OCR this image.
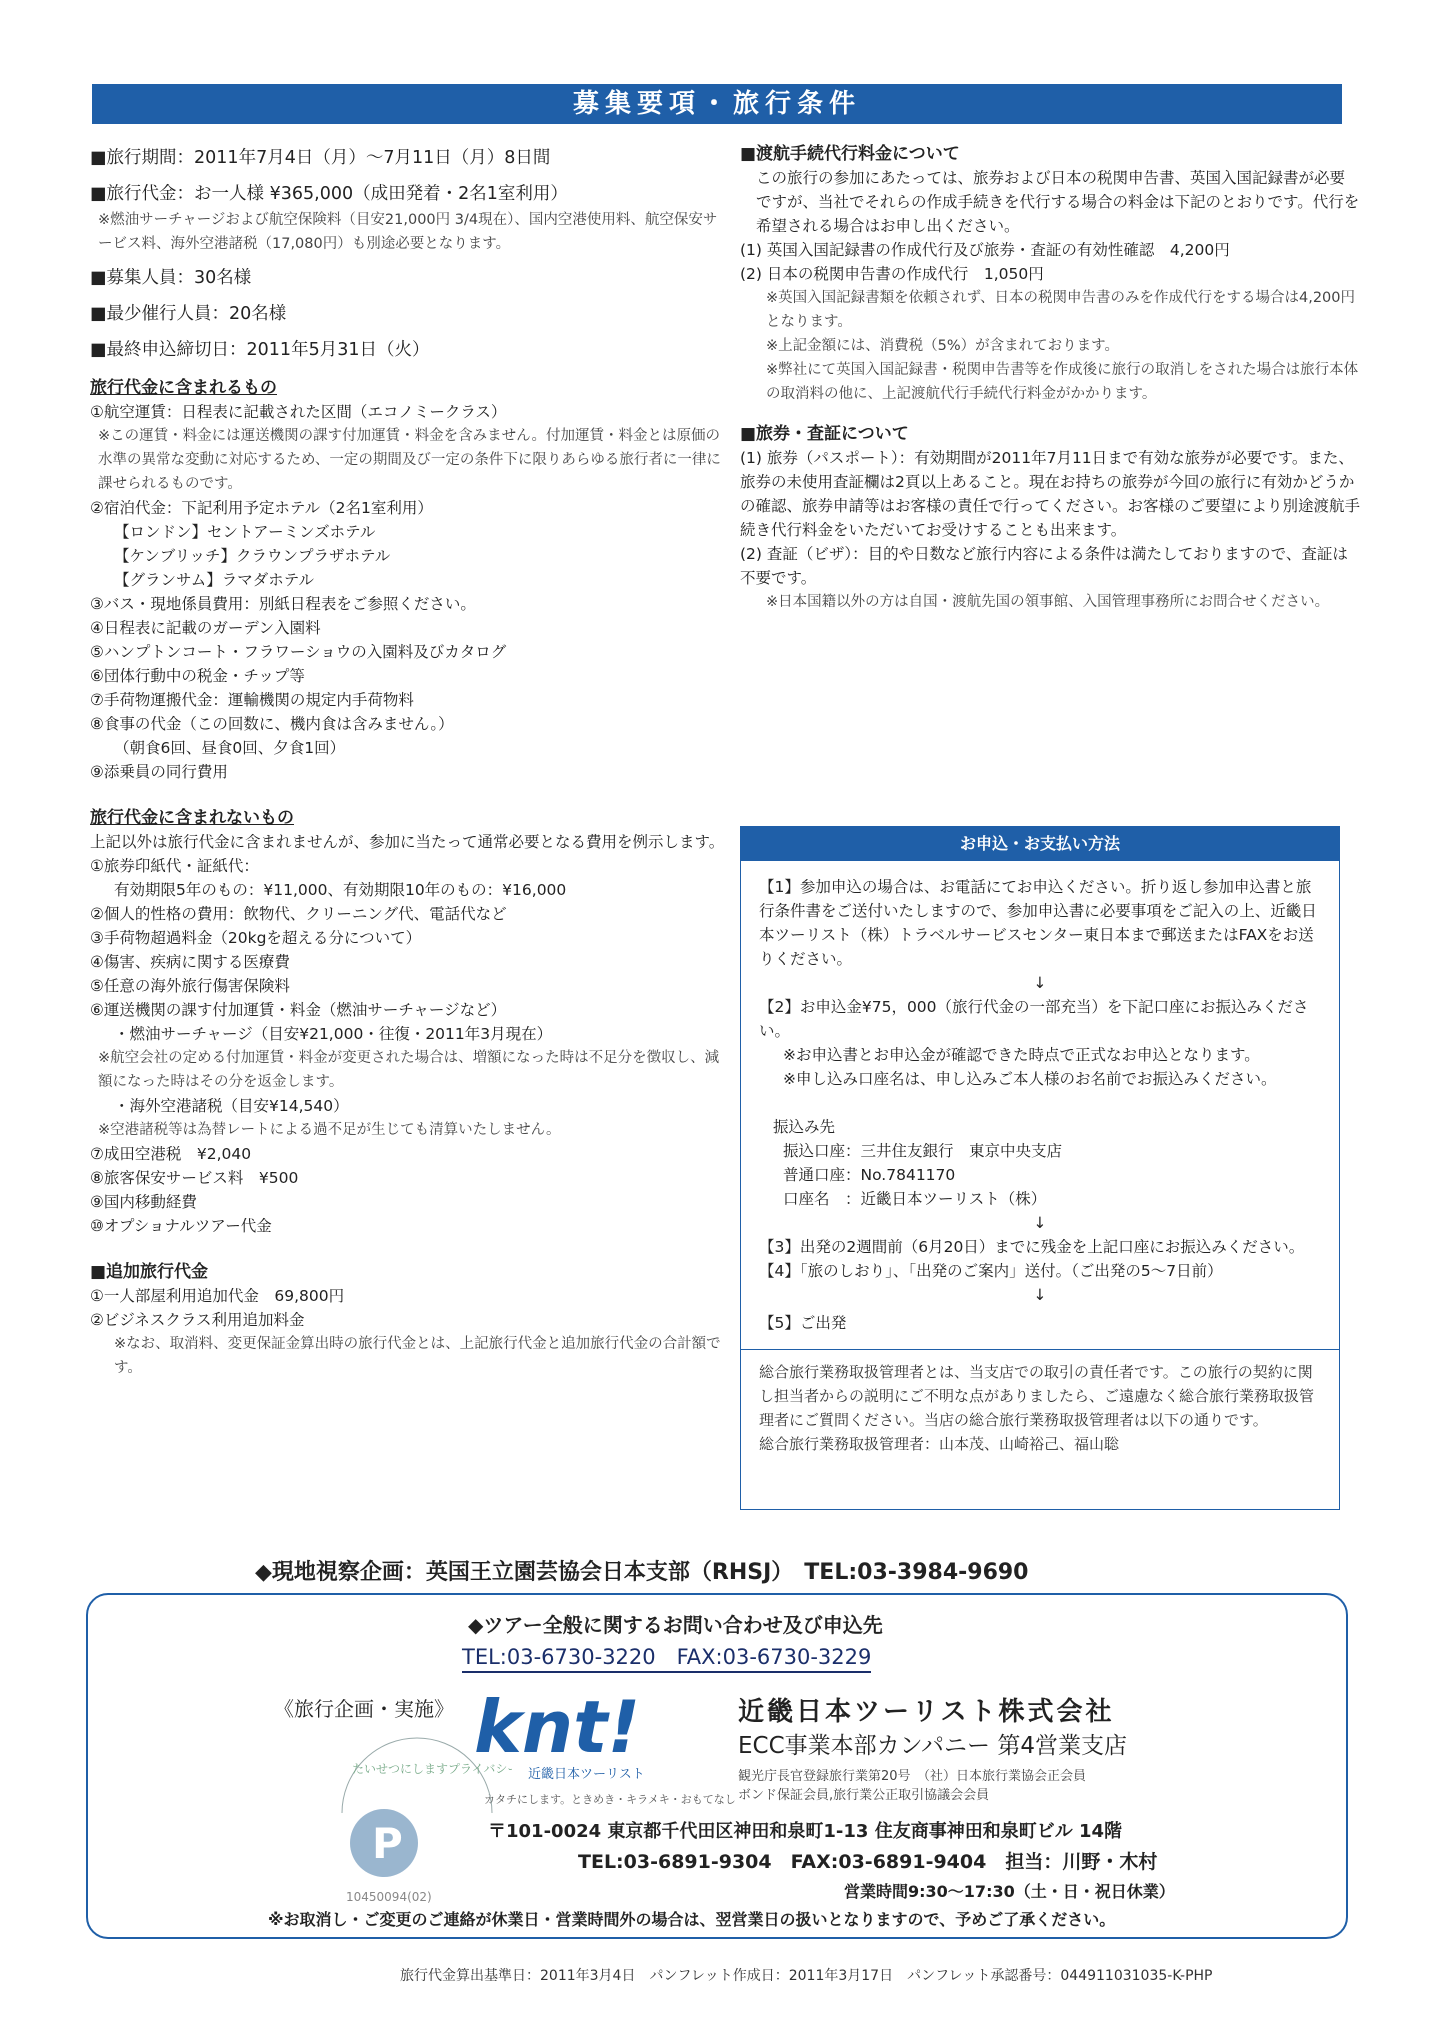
募集要項・旅行条件
■旅行期間：2011年7月4日（月）～7月11日（月）8日間
■旅行代金：お一人様 ¥365,000（成田発着・2名1室利用）
※燃油サーチャージおよび航空保険料（目安21,000円 3/4現在）、国内空港使用料、航空保安サービス料、海外空港諸税（17,080円）も別途必要となります。
■募集人員：30名様
■最少催行人員：20名様
■最終申込締切日：2011年5月31日（火）
旅行代金に含まれるもの
①航空運賃：日程表に記載された区間（エコノミークラス）
※この運賃・料金には運送機関の課す付加運賃・料金を含みません。付加運賃・料金とは原価の水準の異常な変動に対応するため、一定の期間及び一定の条件下に限りあらゆる旅行者に一律に課せられるものです。
②宿泊代金：下記利用予定ホテル（2名1室利用）
【ロンドン】セントアーミンズホテル
【ケンブリッチ】クラウンプラザホテル
【グランサム】ラマダホテル
③バス・現地係員費用：別紙日程表をご参照ください。
④日程表に記載のガーデン入園料
⑤ハンプトンコート・フラワーショウの入園料及びカタログ
⑥団体行動中の税金・チップ等
⑦手荷物運搬代金：運輸機関の規定内手荷物料
⑧食事の代金（この回数に、機内食は含みません。）
（朝食6回、昼食0回、夕食1回）
⑨添乗員の同行費用
旅行代金に含まれないもの
上記以外は旅行代金に含まれませんが、参加に当たって通常必要となる費用を例示します。
①旅券印紙代・証紙代：
有効期限5年のもの：¥11,000、有効期限10年のもの：¥16,000
②個人的性格の費用：飲物代、クリーニング代、電話代など
③手荷物超過料金（20kgを超える分について）
④傷害、疾病に関する医療費
⑤任意の海外旅行傷害保険料
⑥運送機関の課す付加運賃・料金（燃油サーチャージなど）
・燃油サーチャージ（目安¥21,000・往復・2011年3月現在）
※航空会社の定める付加運賃・料金が変更された場合は、増額になった時は不足分を徴収し、減額になった時はその分を返金します。
・海外空港諸税（目安¥14,540）
※空港諸税等は為替レートによる過不足が生じても清算いたしません。
⑦成田空港税　¥2,040
⑧旅客保安サービス料　¥500
⑨国内移動経費
⑩オプショナルツアー代金
■追加旅行代金
①一人部屋利用追加代金　69,800円
②ビジネスクラス利用追加料金
※なお、取消料、変更保証金算出時の旅行代金とは、上記旅行代金と追加旅行代金の合計額です。
■渡航手続代行料金について
この旅行の参加にあたっては、旅券および日本の税関申告書、英国入国記録書が必要ですが、当社でそれらの作成手続きを代行する場合の料金は下記のとおりです。代行を希望される場合はお申し出ください。
(1) 英国入国記録書の作成代行及び旅券・査証の有効性確認　4,200円
(2) 日本の税関申告書の作成代行　1,050円
※英国入国記録書類を依頼されず、日本の税関申告書のみを作成代行をする場合は4,200円となります。
※上記金額には、消費税（5%）が含まれております。
※弊社にて英国入国記録書・税関申告書等を作成後に旅行の取消しをされた場合は旅行本体の取消料の他に、上記渡航代行手続代行料金がかかります。
■旅券・査証について
(1) 旅券（パスポート）：有効期間が2011年7月11日まで有効な旅券が必要です。また、旅券の未使用査証欄は2頁以上あること。現在お持ちの旅券が今回の旅行に有効かどうかの確認、旅券申請等はお客様の責任で行ってください。お客様のご要望により別途渡航手続き代行料金をいただいてお受けすることも出来ます。
(2) 査証（ビザ）：目的や日数など旅行内容による条件は満たしておりますので、査証は不要です。
※日本国籍以外の方は自国・渡航先国の領事館、入国管理事務所にお問合せください。
お申込・お支払い方法
【1】参加申込の場合は、お電話にてお申込ください。折り返し参加申込書と旅行条件書をご送付いたしますので、参加申込書に必要事項をご記入の上、近畿日本ツーリスト（株）トラベルサービスセンター東日本まで郵送またはFAXをお送りください。
↓
【2】お申込金¥75，000（旅行代金の一部充当）を下記口座にお振込みください。
※お申込書とお申込金が確認できた時点で正式なお申込となります。
※申し込み口座名は、申し込みご本人様のお名前でお振込みください。
振込み先
振込口座：三井住友銀行　東京中央支店
普通口座：No.7841170
口座名　：近畿日本ツーリスト（株）
↓
【3】出発の2週間前（6月20日）までに残金を上記口座にお振込みください。
【4】「旅のしおり」、「出発のご案内」送付。（ご出発の5～7日前）
↓
【5】ご出発
総合旅行業務取扱管理者とは、当支店での取引の責任者です。この旅行の契約に関し担当者からの説明にご不明な点がありましたら、ご遠慮なく総合旅行業務取扱管理者にご質問ください。当店の総合旅行業務取扱管理者は以下の通りです。
総合旅行業務取扱管理者：山本茂、山崎裕己、福山聡
◆現地視察企画：英国王立園芸協会日本支部（RHSJ）　TEL:03-3984-9690
◆ツアー全般に関するお問い合わせ及び申込先
TEL:03-6730-3220　FAX:03-6730-3229
《旅行企画・実施》 knt!
近畿日本ツーリスト
カタチにします。ときめき・キラメキ・おもてなし
たいせつにしますプライバシー
P
10450094(02)
近畿日本ツーリスト株式会社
ECC事業本部カンパニー 第4営業支店
観光庁長官登録旅行業第20号　（社）日本旅行業協会正会員
ボンド保証会員,旅行業公正取引協議会会員
〒101-0024 東京都千代田区神田和泉町1-13 住友商事神田和泉町ビル 14階
TEL:03-6891-9304　FAX:03-6891-9404　担当：川野・木村
営業時間9:30～17:30（土・日・祝日休業）
※お取消し・ご変更のご連絡が休業日・営業時間外の場合は、翌営業日の扱いとなりますので、予めご了承ください。
旅行代金算出基準日：2011年3月4日　パンフレット作成日：2011年3月17日　パンフレット承認番号：044911031035-K-PHP
